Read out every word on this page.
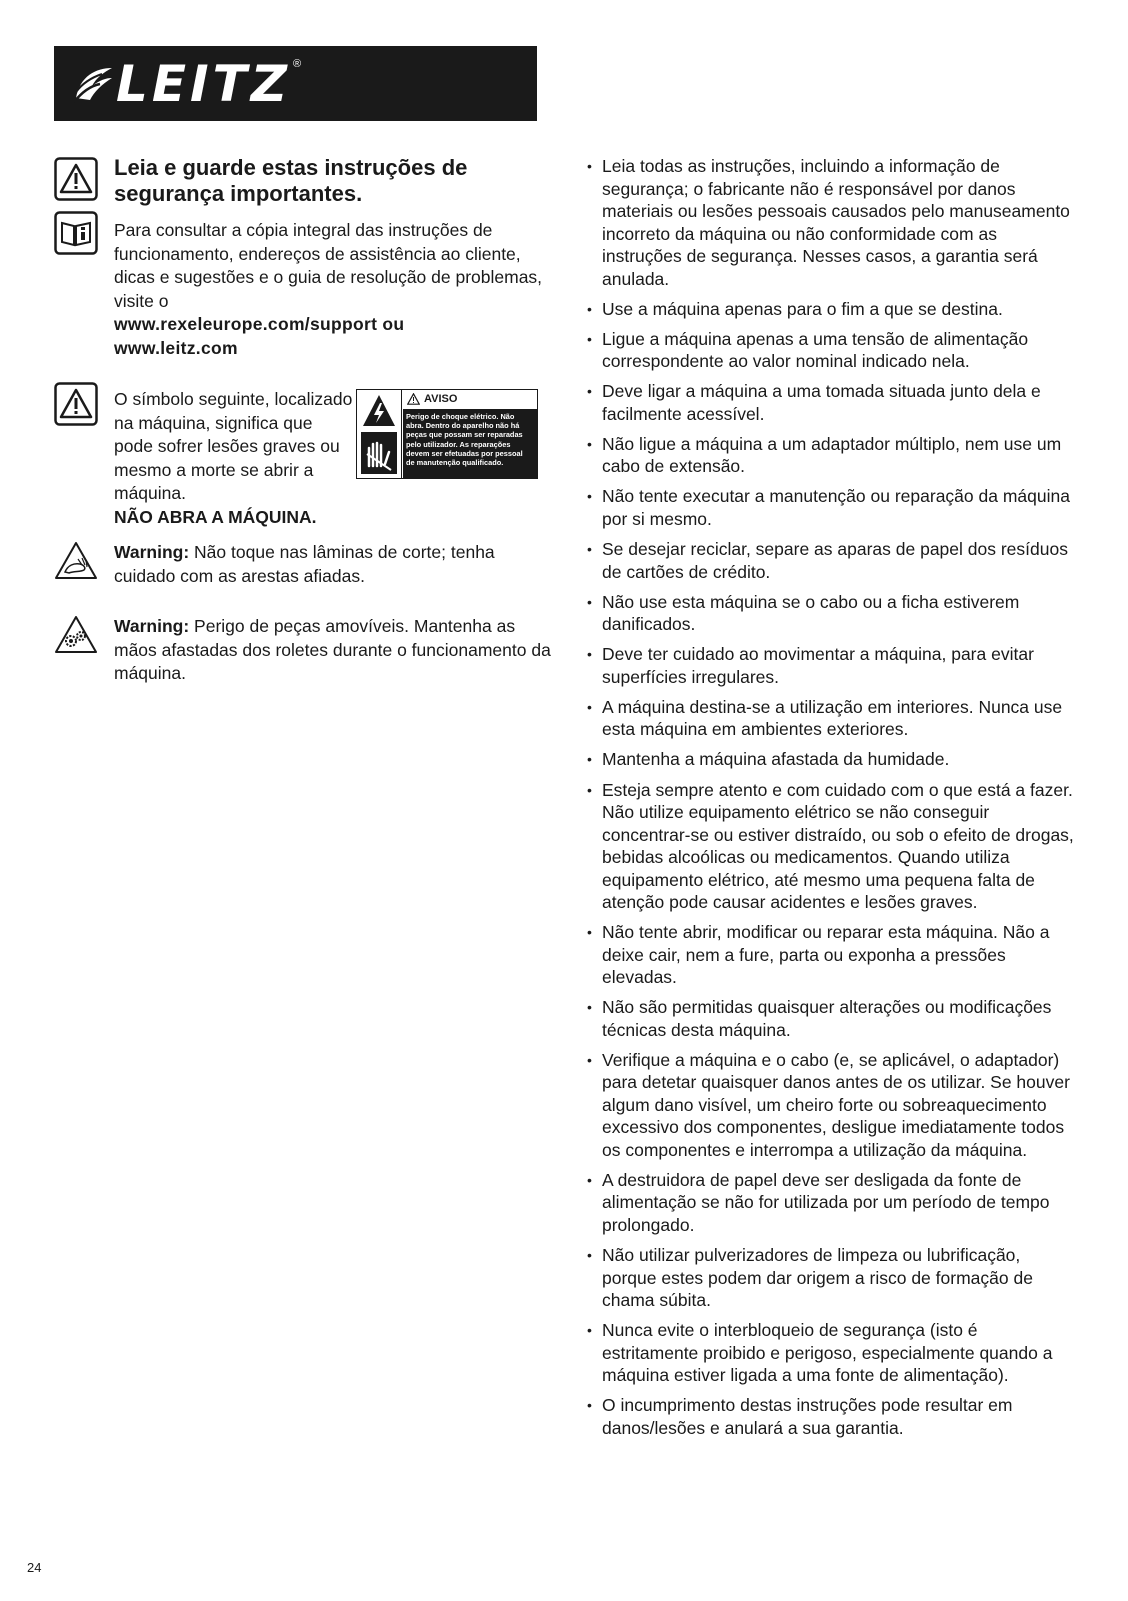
LEITZ ®
Leia e guarde estas instruções de segurança importantes.
Para consultar a cópia integral das instruções de funcionamento, endereços de assistência ao cliente, dicas e sugestões e o guia de resolução de problemas, visite o
www.rexeleurope.com/support ou
www.leitz.com
O símbolo seguinte, localizado na máquina, significa que pode sofrer lesões graves ou mesmo a morte se abrir a máquina.
NÃO ABRA A MÁQUINA.
AVISO
Perigo de choque elétrico. Não abra. Dentro do aparelho não há peças que possam ser reparadas pelo utilizador. As reparações devem ser efetuadas por pessoal de manutenção qualificado.
Warning: Não toque nas lâminas de corte; tenha cuidado com as arestas afiadas.
Warning: Perigo de peças amovíveis. Mantenha as mãos afastadas dos roletes durante o funcionamento da máquina.
• Leia todas as instruções, incluindo a informação de segurança; o fabricante não é responsável por danos materiais ou lesões pessoais causados pelo manuseamento incorreto da máquina ou não conformidade com as instruções de segurança. Nesses casos, a garantia será anulada.
• Use a máquina apenas para o fim a que se destina.
• Ligue a máquina apenas a uma tensão de alimentação correspondente ao valor nominal indicado nela.
• Deve ligar a máquina a uma tomada situada junto dela e facilmente acessível.
• Não ligue a máquina a um adaptador múltiplo, nem use um cabo de extensão.
• Não tente executar a manutenção ou reparação da máquina por si mesmo.
• Se desejar reciclar, separe as aparas de papel dos resíduos de cartões de crédito.
• Não use esta máquina se o cabo ou a ficha estiverem danificados.
• Deve ter cuidado ao movimentar a máquina, para evitar superfícies irregulares.
• A máquina destina-se a utilização em interiores. Nunca use esta máquina em ambientes exteriores.
• Mantenha a máquina afastada da humidade.
• Esteja sempre atento e com cuidado com o que está a fazer. Não utilize equipamento elétrico se não conseguir concentrar-se ou estiver distraído, ou sob o efeito de drogas, bebidas alcoólicas ou medicamentos. Quando utiliza equipamento elétrico, até mesmo uma pequena falta de atenção pode causar acidentes e lesões graves.
• Não tente abrir, modificar ou reparar esta máquina. Não a deixe cair, nem a fure, parta ou exponha a pressões elevadas.
• Não são permitidas quaisquer alterações ou modificações técnicas desta máquina.
• Verifique a máquina e o cabo (e, se aplicável, o adaptador) para detetar quaisquer danos antes de os utilizar. Se houver algum dano visível, um cheiro forte ou sobreaquecimento excessivo dos componentes, desligue imediatamente todos os componentes e interrompa a utilização da máquina.
• A destruidora de papel deve ser desligada da fonte de alimentação se não for utilizada por um período de tempo prolongado.
• Não utilizar pulverizadores de limpeza ou lubrificação, porque estes podem dar origem a risco de formação de chama súbita.
• Nunca evite o interbloqueio de segurança (isto é estritamente proibido e perigoso, especialmente quando a máquina estiver ligada a uma fonte de alimentação).
• O incumprimento destas instruções pode resultar em danos/lesões e anulará a sua garantia.
24
